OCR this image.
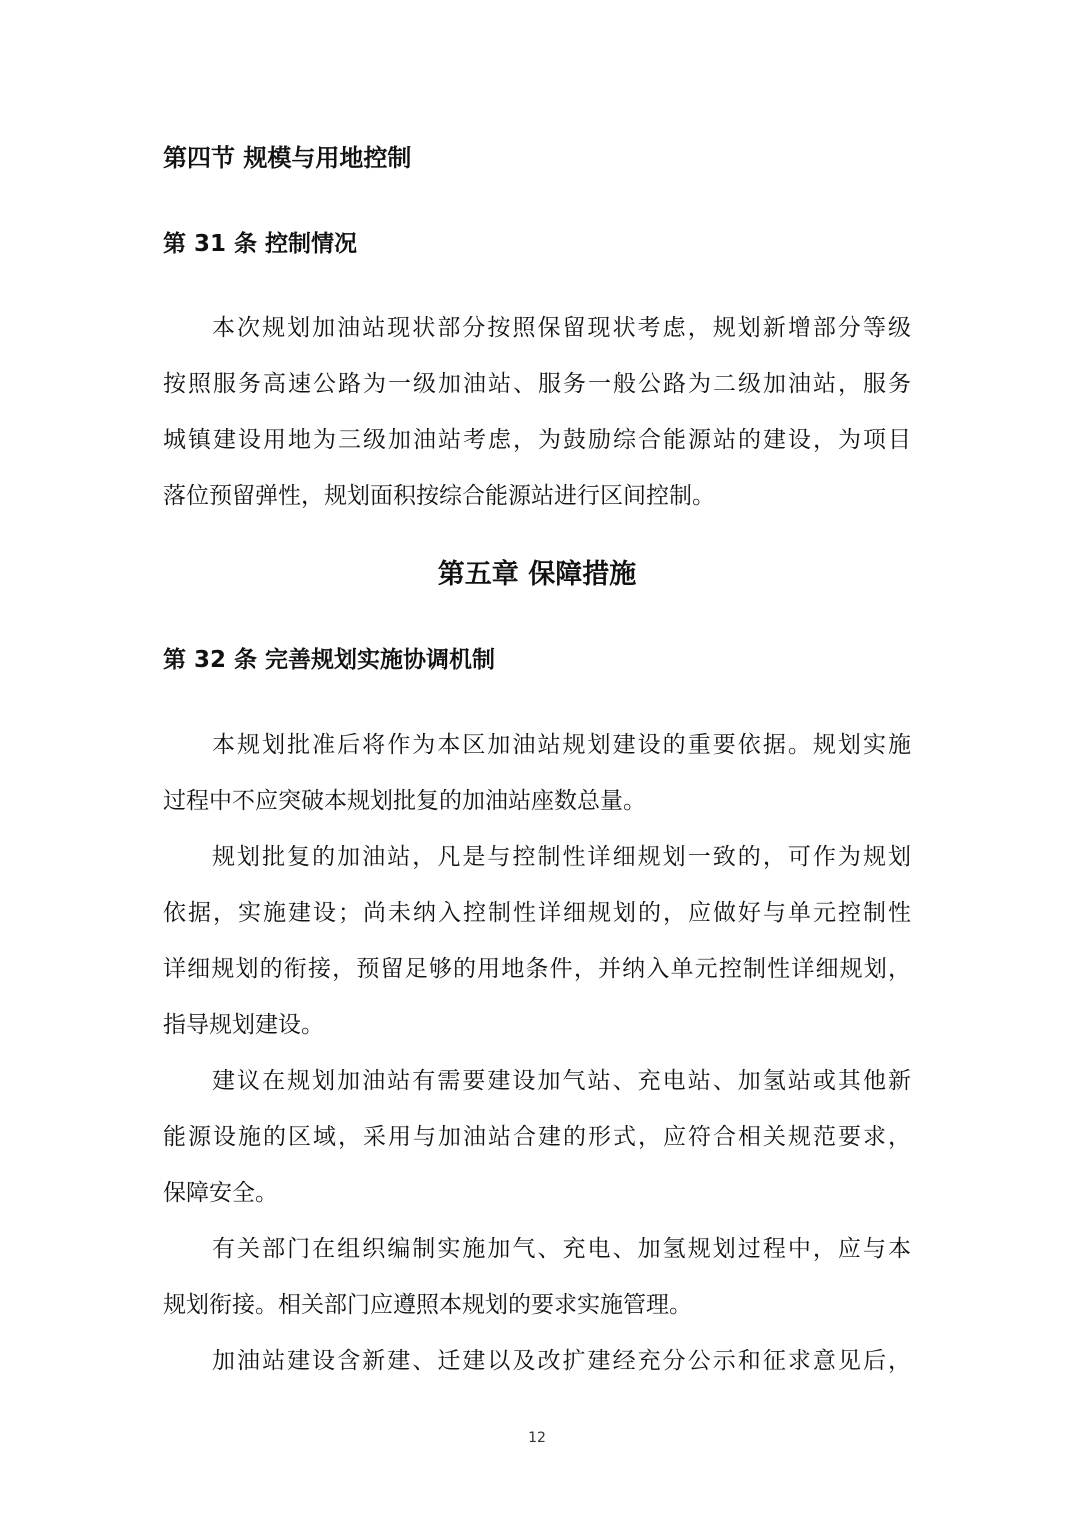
第四节 规模与用地控制
第 31 条 控制情况

本次规划加油站现状部分按照保留现状考虑，规划新增部分等级

按照服务高速公路为一级加油站、服务一般公路为二级加油站，服务

城镇建设用地为三级加油站考虑，为鼓励综合能源站的建设，为项目

落位预留弹性，规划面积按综合能源站进行区间控制。

第五章 保障措施
第 32 条 完善规划实施协调机制

本规划批准后将作为本区加油站规划建设的重要依据。规划实施

过程中不应突破本规划批复的加油站座数总量。

规划批复的加油站，凡是与控制性详细规划一致的，可作为规划

依据，实施建设；尚未纳入控制性详细规划的，应做好与单元控制性

详细规划的衔接，预留足够的用地条件，并纳入单元控制性详细规划，

指导规划建设。

建议在规划加油站有需要建设加气站、充电站、加氢站或其他新

能源设施的区域，采用与加油站合建的形式，应符合相关规范要求，

保障安全。

有关部门在组织编制实施加气、充电、加氢规划过程中，应与本

规划衔接。相关部门应遵照本规划的要求实施管理。

加油站建设含新建、迁建以及改扩建经充分公示和征求意见后，

12
